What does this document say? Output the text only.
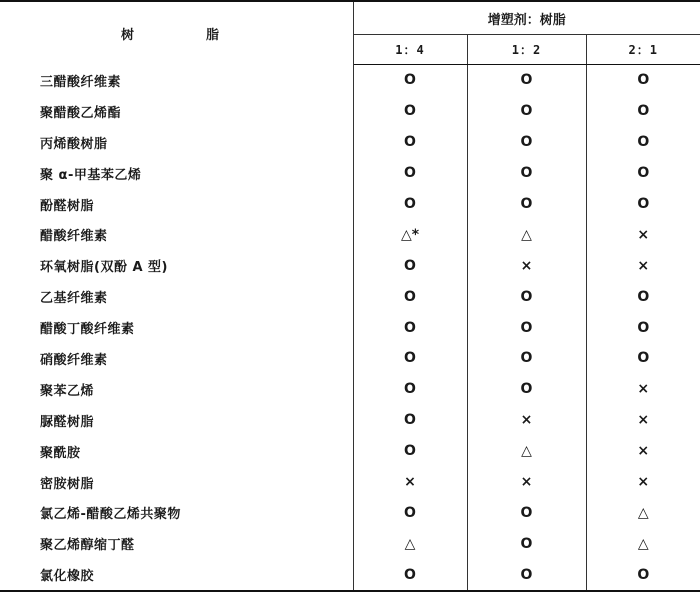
树 脂	增塑剂：树脂		
	1：4	1：2	2：1
三醋酸纤维素	O	O	O
聚醋酸乙烯酯	O	O	O
丙烯酸树脂	O	O	O
聚 α-甲基苯乙烯	O	O	O
酚醛树脂	O	O	O
醋酸纤维素	△*	△	×
环氧树脂(双酚 A 型)	O	×	×
乙基纤维素	O	O	O
醋酸丁酸纤维素	O	O	O
硝酸纤维素	O	O	O
聚苯乙烯	O	O	×
脲醛树脂	O	×	×
聚酰胺	O	△	×
密胺树脂	×	×	×
氯乙烯-醋酸乙烯共聚物	O	O	△
聚乙烯醇缩丁醛	△	O	△
氯化橡胶	O	O	O
